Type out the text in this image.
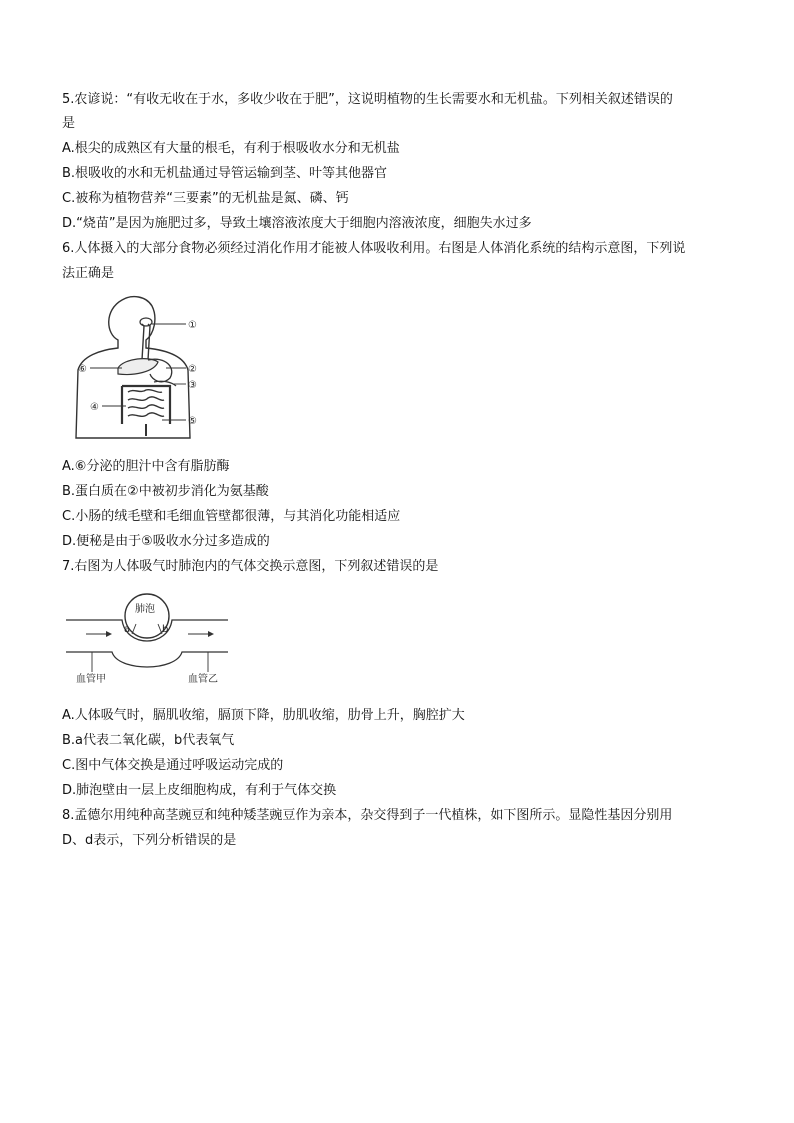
5.农谚说：“有收无收在于水，多收少收在于肥”，这说明植物的生长需要水和无机盐。下列相关叙述错误的
是
A.根尖的成熟区有大量的根毛，有利于根吸收水分和无机盐
B.根吸收的水和无机盐通过导管运输到茎、叶等其他器官
C.被称为植物营养“三要素”的无机盐是氮、磷、钙
D.“烧苗”是因为施肥过多，导致土壤溶液浓度大于细胞内溶液浓度，细胞失水过多
6.人体摄入的大部分食物必须经过消化作用才能被人体吸收利用。右图是人体消化系统的结构示意图，下列说
法正确是
①
②
③
④
⑤
⑥
A.⑥分泌的胆汁中含有脂肪酶
B.蛋白质在②中被初步消化为氨基酸
C.小肠的绒毛壁和毛细血管壁都很薄，与其消化功能相适应
D.便秘是由于⑤吸收水分过多造成的
7.右图为人体吸气时肺泡内的气体交换示意图，下列叙述错误的是
肺泡
a	b
血管甲	血管乙
A.人体吸气时，膈肌收缩，膈顶下降，肋肌收缩，肋骨上升，胸腔扩大
B.a代表二氧化碳，b代表氧气
C.图中气体交换是通过呼吸运动完成的
D.肺泡壁由一层上皮细胞构成，有利于气体交换
8.孟德尔用纯种高茎豌豆和纯种矮茎豌豆作为亲本，杂交得到子一代植株，如下图所示。显隐性基因分别用
D、d表示，下列分析错误的是
